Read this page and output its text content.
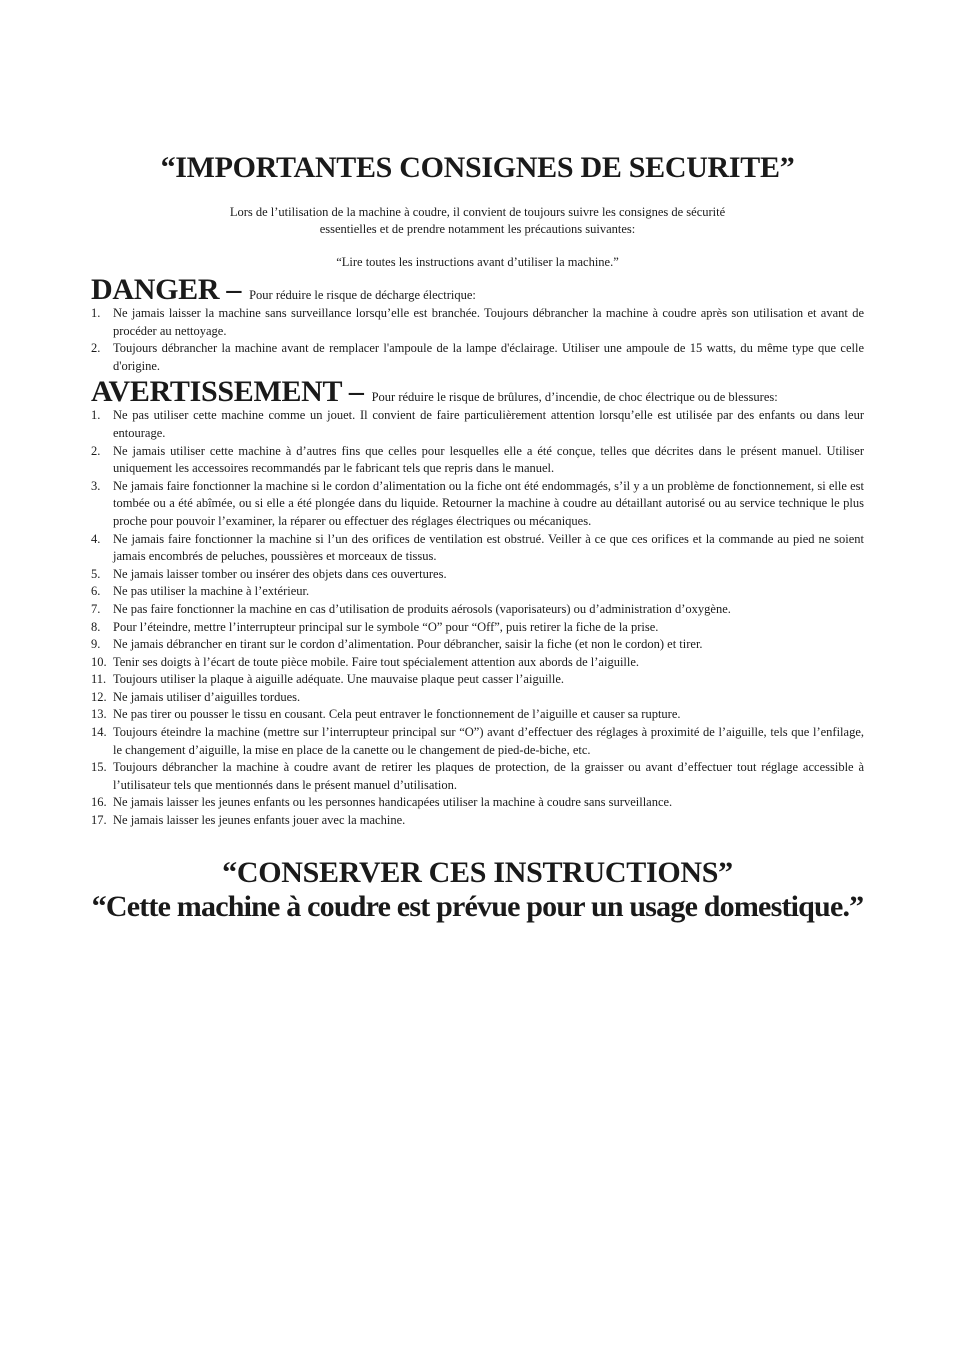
“IMPORTANTES CONSIGNES DE SECURITE”

Lors de l’utilisation de la machine à coudre, il convient de toujours suivre les consignes de sécurité
essentielles et de prendre notamment les précautions suivantes:

“Lire toutes les instructions avant d’utiliser la machine.”

DANGER – Pour réduire le risque de décharge électrique:
1. Ne jamais laisser la machine sans surveillance lorsqu’elle est branchée. Toujours débrancher la machine à coudre après son utilisation et avant de procéder au nettoyage.
2. Toujours débrancher la machine avant de remplacer l'ampoule de la lampe d'éclairage. Utiliser une ampoule de 15 watts, du même type que celle d'origine.
AVERTISSEMENT – Pour réduire le risque de brûlures, d’incendie, de choc électrique ou de blessures:
1. Ne pas utiliser cette machine comme un jouet. Il convient de faire particulièrement attention lorsqu’elle est utilisée par des enfants ou dans leur entourage.
2. Ne jamais utiliser cette machine à d’autres fins que celles pour lesquelles elle a été conçue, telles que décrites dans le présent manuel. Utiliser uniquement les accessoires recommandés par le fabricant tels que repris dans le manuel.
3. Ne jamais faire fonctionner la machine si le cordon d’alimentation ou la fiche ont été endommagés, s’il y a un problème de fonctionnement, si elle est tombée ou a été abîmée, ou si elle a été plongée dans du liquide. Retourner la machine à coudre au détaillant autorisé ou au service technique le plus proche pour pouvoir l’examiner, la réparer ou effectuer des réglages électriques ou mécaniques.
4. Ne jamais faire fonctionner la machine si l’un des orifices de ventilation est obstrué. Veiller à ce que ces orifices et la commande au pied ne soient jamais encombrés de peluches, poussières et morceaux de tissus.
5. Ne jamais laisser tomber ou insérer des objets dans ces ouvertures.
6. Ne pas utiliser la machine à l’extérieur.
7. Ne pas faire fonctionner la machine en cas d’utilisation de produits aérosols (vaporisateurs) ou d’administration d’oxygène.
8. Pour l’éteindre, mettre l’interrupteur principal sur le symbole “O” pour “Off”, puis retirer la fiche de la prise.
9. Ne jamais débrancher en tirant sur le cordon d’alimentation. Pour débrancher, saisir la fiche (et non le cordon) et tirer.
10. Tenir ses doigts à l’écart de toute pièce mobile. Faire tout spécialement attention aux abords de l’aiguille.
11. Toujours utiliser la plaque à aiguille adéquate. Une mauvaise plaque peut casser l’aiguille.
12. Ne jamais utiliser d’aiguilles tordues.
13. Ne pas tirer ou pousser le tissu en cousant. Cela peut entraver le fonctionnement de l’aiguille et causer sa rupture.
14. Toujours éteindre la machine (mettre sur l’interrupteur principal sur “O”) avant d’effectuer des réglages à proximité de l’aiguille, tels que l’enfilage, le changement d’aiguille, la mise en place de la canette ou le changement de pied-de-biche, etc.
15. Toujours débrancher la machine à coudre avant de retirer les plaques de protection, de la graisser ou avant d’effectuer tout réglage accessible à l’utilisateur tels que mentionnés dans le présent manuel d’utilisation.
16. Ne jamais laisser les jeunes enfants ou les personnes handicapées utiliser la machine à coudre sans surveillance.
17. Ne jamais laisser les jeunes enfants jouer avec la machine.
“CONSERVER CES INSTRUCTIONS”
“Cette machine à coudre est prévue pour un usage domestique.”
